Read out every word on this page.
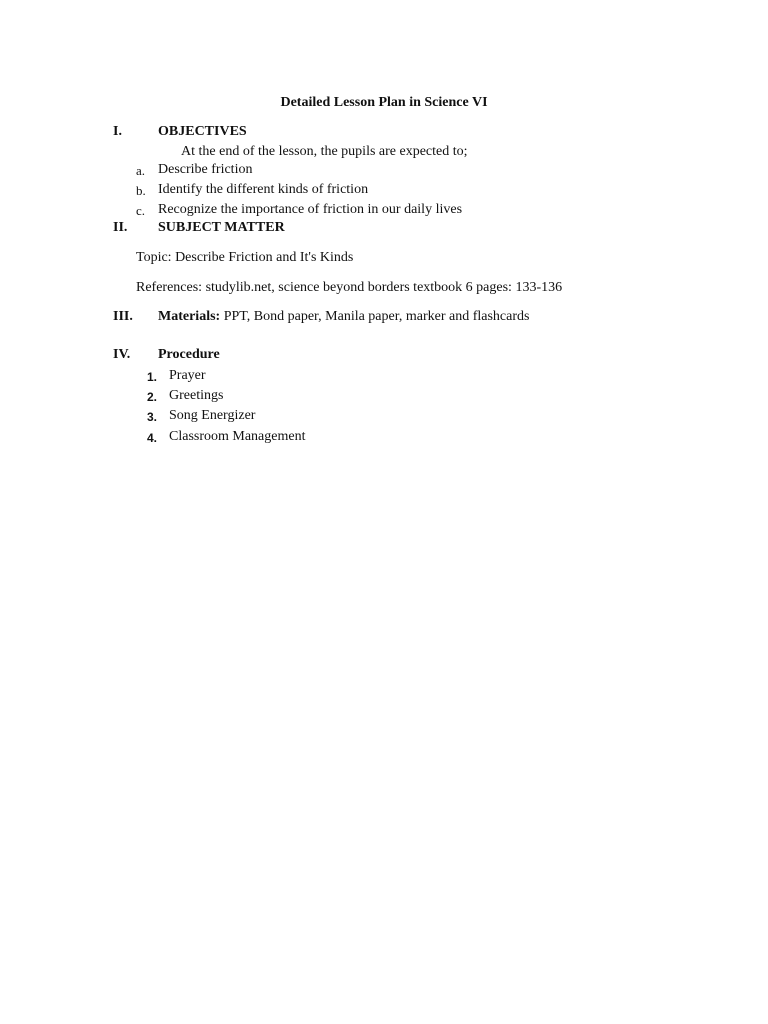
Detailed Lesson Plan in Science VI
I.	OBJECTIVES
At the end of the lesson, the pupils are expected to;
a. Describe friction
b. Identify the different kinds of friction
c. Recognize the importance of friction in our daily lives
II. SUBJECT MATTER
Topic: Describe Friction and It's Kinds
References: studylib.net, science beyond borders textbook 6 pages: 133-136
III. Materials: PPT, Bond paper, Manila paper, marker and flashcards
IV. Procedure
1. Prayer
2. Greetings
3. Song Energizer
4. Classroom Management
